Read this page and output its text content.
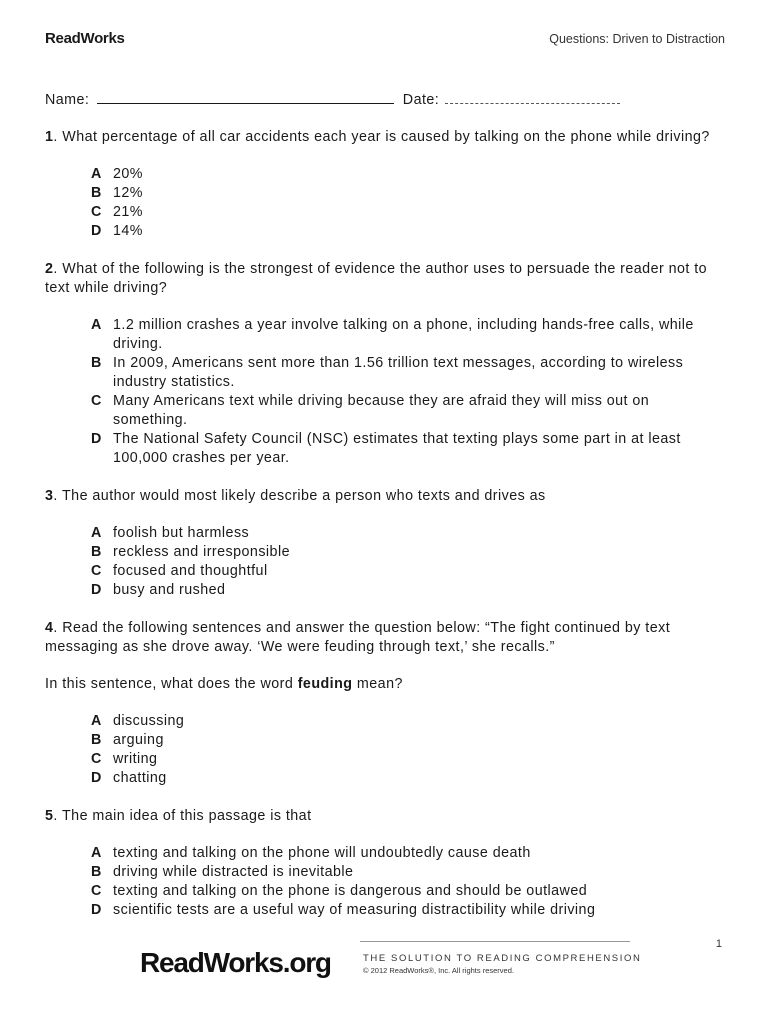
ReadWorks	Questions: Driven to Distraction
Name:	Date:

1. What percentage of all car accidents each year is caused by talking on the phone while driving?

A 20%
B 12%
C 21%
D 14%

2. What of the following is the strongest of evidence the author uses to persuade the reader not to text while driving?

A 1.2 million crashes a year involve talking on a phone, including hands-free calls, while driving.
B In 2009, Americans sent more than 1.56 trillion text messages, according to wireless industry statistics.
C Many Americans text while driving because they are afraid they will miss out on something.
D The National Safety Council (NSC) estimates that texting plays some part in at least 100,000 crashes per year.

3. The author would most likely describe a person who texts and drives as

A foolish but harmless
B reckless and irresponsible
C focused and thoughtful
D busy and rushed

4. Read the following sentences and answer the question below: “The fight continued by text messaging as she drove away. ‘We were feuding through text,’ she recalls.”

In this sentence, what does the word feuding mean?

A discussing
B arguing
C writing
D chatting

5. The main idea of this passage is that

A texting and talking on the phone will undoubtedly cause death
B driving while distracted is inevitable
C texting and talking on the phone is dangerous and should be outlawed
D scientific tests are a useful way of measuring distractibility while driving
1
ReadWorks.org	THE SOLUTION TO READING COMPREHENSION
© 2012 ReadWorks®, Inc. All rights reserved.
